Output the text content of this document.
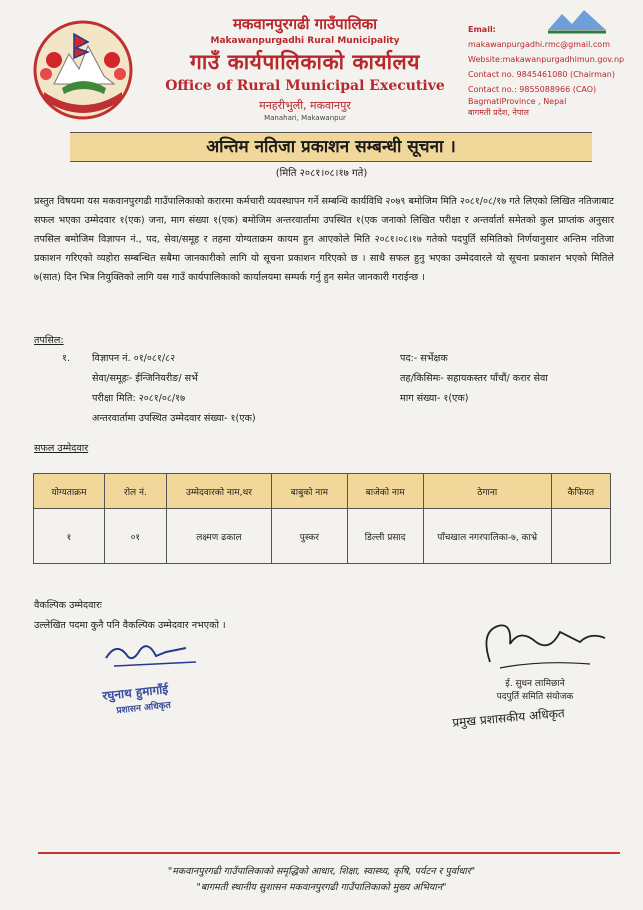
मकवानपुरगढी गाउँपालिका
Makawanpurgadhi Rural Municipality
गाउँ कार्यपालिकाको कार्यालय
Office of Rural Municipal Executive
मनहरीभुली, मकवानपुर
Manahari, Makawanpur
Email:
makawanpurgadhi.rmc@gmail.com
Website:makawanpurgadhimun.gov.np
Contact no. 9845461080 (Chairman)
Contact no.: 9855088966 (CAO)
BagmatiProvince , Nepal
बागमती प्रदेश, नेपाल
अन्तिम नतिजा प्रकाशन सम्बन्धी सूचना ।
(मिति २०८१।०८।१७ गते)
प्रस्तुत विषयमा यस मकवानपुरगढी गाउँपालिकाको करारमा कर्मचारी व्यवस्थापन गर्ने सम्बन्धि कार्यविधि २०७९ बमोजिम मिति २०८१/०८/१७ गते लिएको लिखित नतिजाबाट सफल भएका उम्मेदवार १(एक) जना, माग संख्या १(एक) बमोजिम अन्तरवार्तामा उपस्थित १(एक जनाको लिखित परीक्षा र अन्तर्वार्ता समेतको कुल प्राप्तांक अनुसार तपसिल बमोजिम विज्ञापन नं., पद, सेवा/समूह र तहमा योग्यताक्रम कायम हुन आएकोले मिति २०८१।०८।१७ गतेको पदपुर्ति समितिको निर्णयानुसार अन्तिम नतिजा प्रकाशन गरिएको व्यहोरा सम्बन्धित सबैमा जानकारीको लागि यो सूचना प्रकाशन गरिएको छ । साथै सफल हुनु भएका उम्मेदवारले यो सूचना प्रकाशन भएको मितिले ७(सात) दिन भित्र नियुक्तिको लागि यस गाउँ कार्यपालिकाको कार्यालयमा सम्पर्क गर्नु हुन समेत जानकारी गराईन्छ ।
तपसिल:
१. विज्ञापन नं. ०१/०८१/८२
सेवा/समूहः- ईन्जिनियरीङ/ सर्भे
परीक्षा मिति: २०८१/०८/१७
अन्तरवार्तामा उपस्थित उम्मेदवार संख्या- १(एक)
पद:- सर्भेक्षक
तह/किसिमः- सहायकस्तर पाँचौं/ करार सेवा
माग संख्या- १(एक)
सफल उम्मेदवार
योग्यताक्रम	रोल नं.	उम्मेदवारको नाम,थर	बाबुको नाम	बाजेको नाम	ठेगाना	कैफियत
१	०१	लक्ष्मण ढकाल	पुस्कर	डिल्ली प्रसाद	पाँचखाल नगरपालिका-७, काभ्रे	
वैकल्पिक उम्मेदवारः
उल्लेखित पदमा कुनै पनि वैकल्पिक उम्मेदवार नभएको ।
रघुनाथ हुमागाँई
प्रशासन अधिकृत
ई. सुधन लामिछाने
पदपुर्ति समिति संयोजक
प्रमुख प्रशासकीय अधिकृत
"मकवानपुरगढी गाउँपालिकाको समृद्धिको आधार, शिक्षा, स्वास्थ्य, कृषि, पर्यटन र पुर्वाधार"
"बागमती स्थानीय सुशासन मकवानपुरगढी गाउँपालिकाको मुख्य अभियान"
